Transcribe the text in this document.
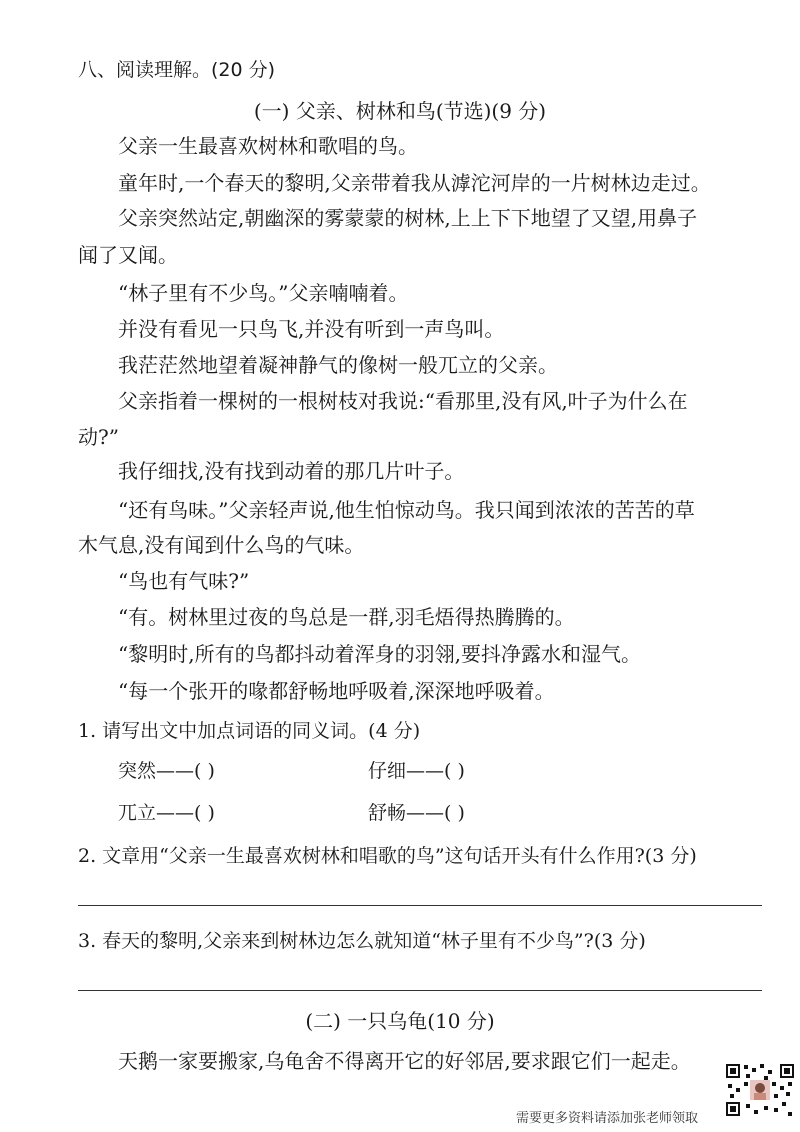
八、阅读理解。(20 分)
(一) 父亲、树林和鸟(节选)(9 分)
父亲一生最喜欢树林和歌唱的鸟。
童年时,一个春天的黎明,父亲带着我从滹沱河岸的一片树林边走过。
父亲突然站定,朝幽深的雾蒙蒙的树林,上上下下地望了又望,用鼻子
闻了又闻。
“林子里有不少鸟。”父亲喃喃着。
并没有看见一只鸟飞,并没有听到一声鸟叫。
我茫茫然地望着凝神静气的像树一般兀立的父亲。
父亲指着一棵树的一根树枝对我说:“看那里,没有风,叶子为什么在
动?”
我仔细找,没有找到动着的那几片叶子。
“还有鸟味。”父亲轻声说,他生怕惊动鸟。我只闻到浓浓的苦苦的草
木气息,没有闻到什么鸟的气味。
“鸟也有气味?”
“有。树林里过夜的鸟总是一群,羽毛焐得热腾腾的。
“黎明时,所有的鸟都抖动着浑身的羽翎,要抖净露水和湿气。
“每一个张开的喙都舒畅地呼吸着,深深地呼吸着。
1. 请写出文中加点词语的同义词。(4 分)
突然——( )	仔细——( )
兀立——( )	舒畅——( )
2. 文章用“父亲一生最喜欢树林和唱歌的鸟”这句话开头有什么作用?(3 分)
3. 春天的黎明,父亲来到树林边怎么就知道“林子里有不少鸟”?(3 分)
(二) 一只乌龟(10 分)
天鹅一家要搬家,乌龟舍不得离开它的好邻居,要求跟它们一起走。
需要更多资料请添加张老师领取
